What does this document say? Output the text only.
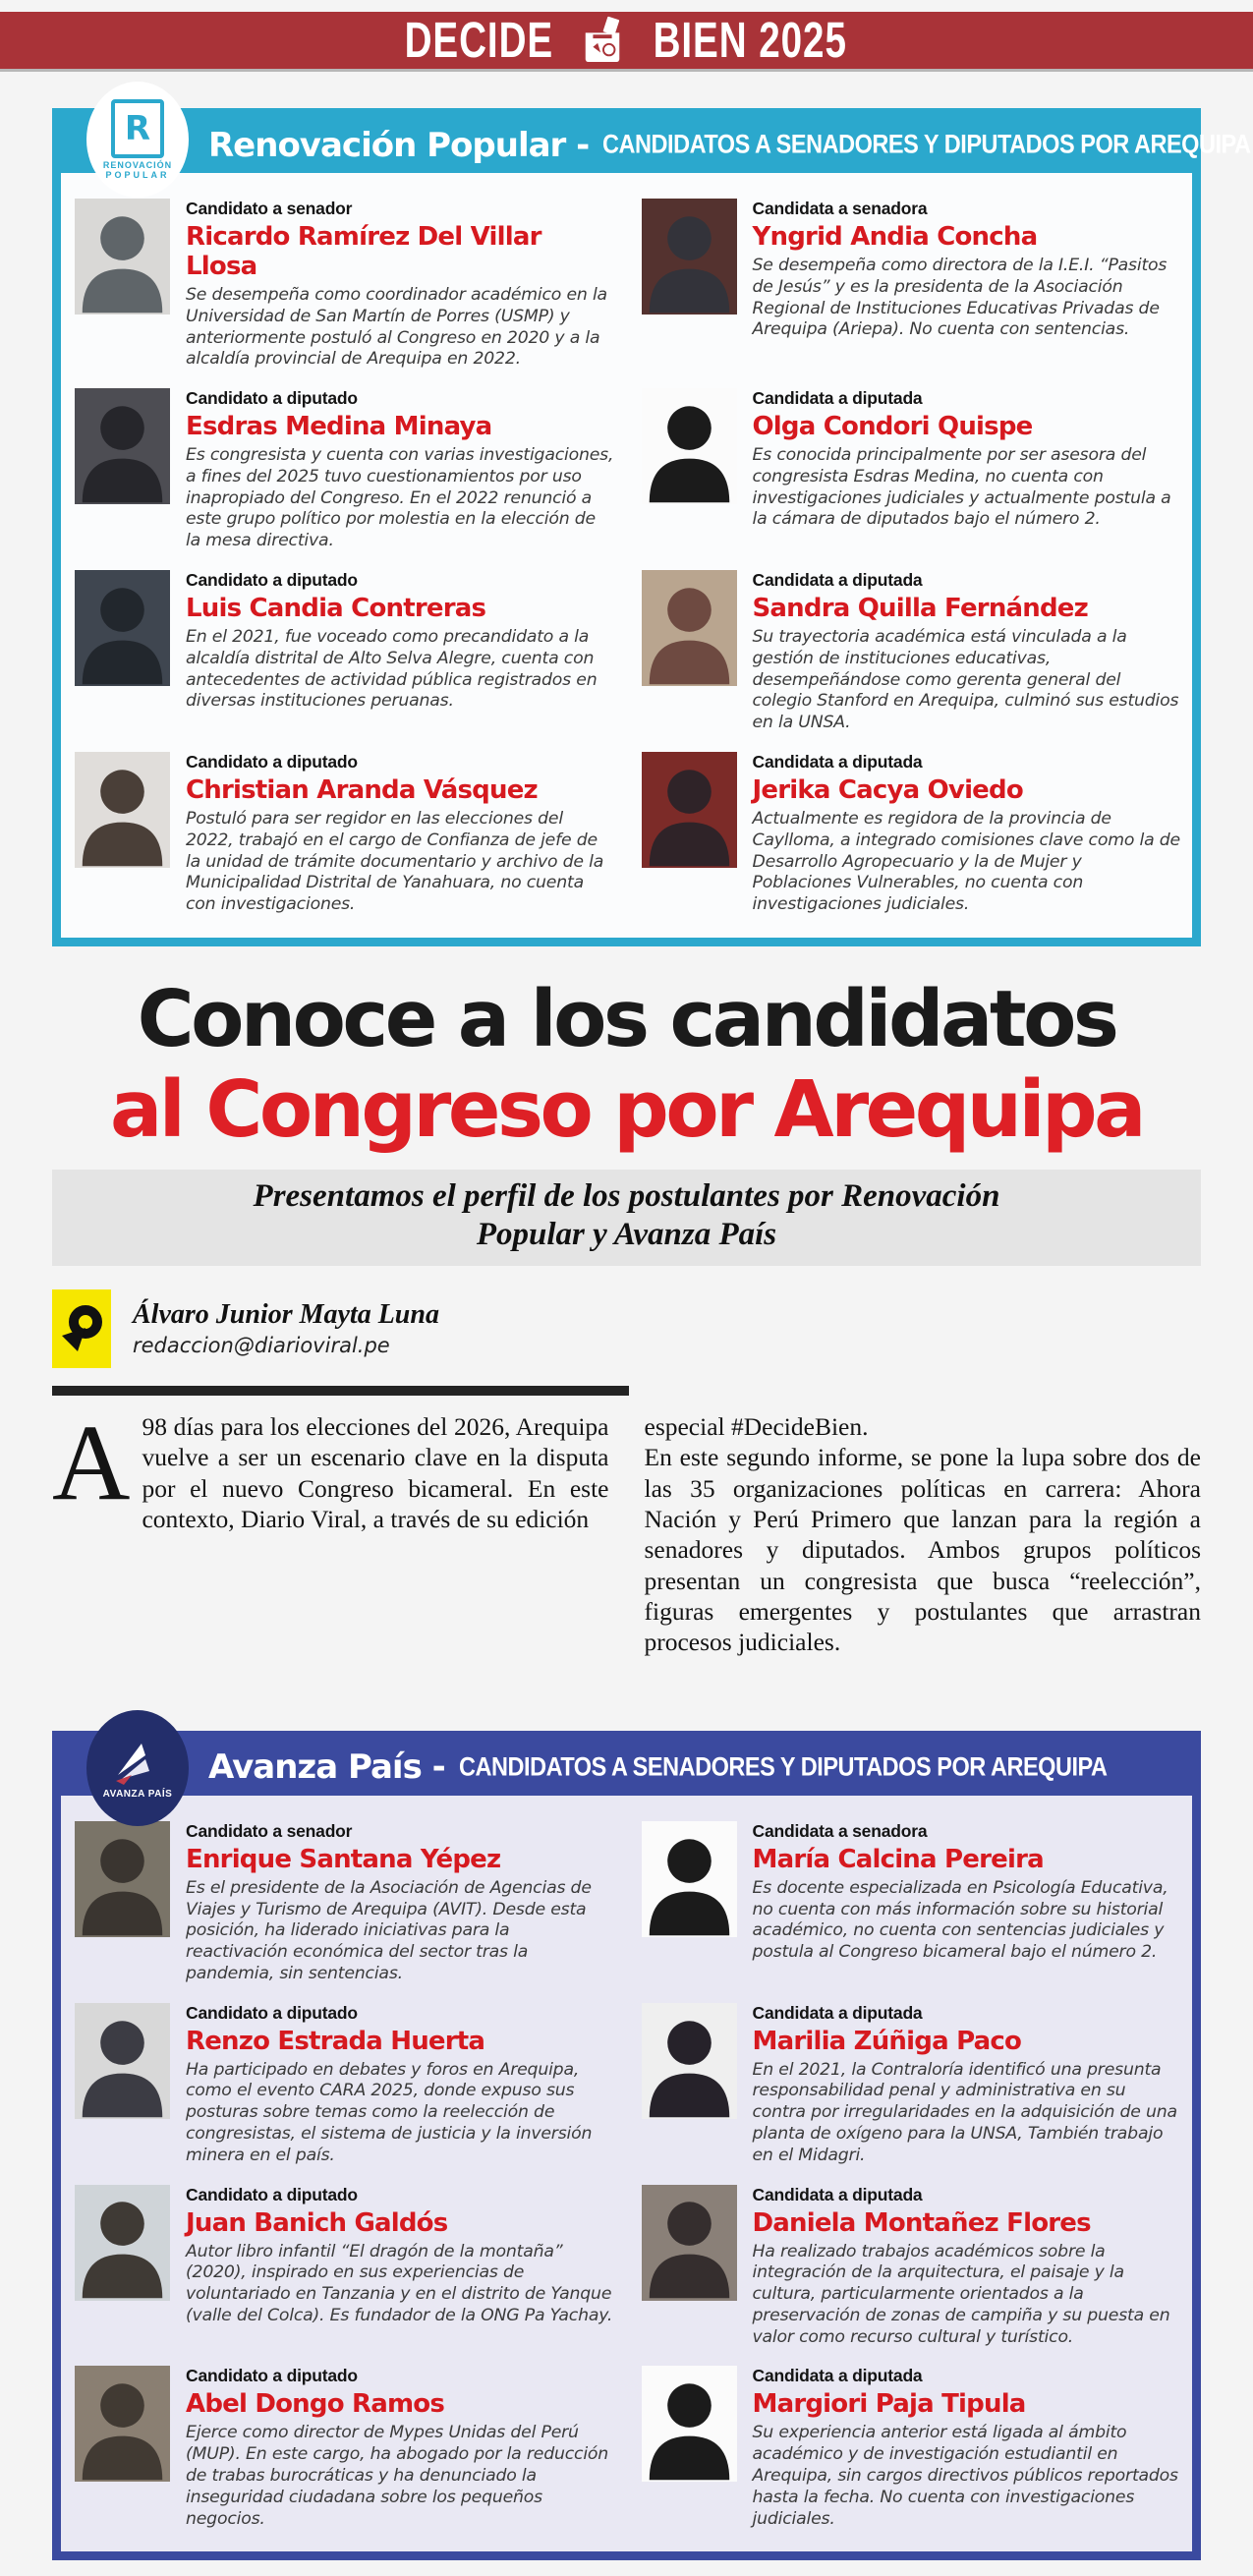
DECIDE BIEN 2025
R
RENOVACIÓN
POPULAR
Renovación Popular - CANDIDATOS A SENADORES Y DIPUTADOS POR AREQUIPA
Candidato a senador
Ricardo Ramírez Del Villar Llosa
Se desempeña como coordinador académico en la Universidad de San Martín de Porres (USMP) y anteriormente postuló al Congreso en 2020 y a la alcaldía provincial de Arequipa en 2022.
Candidata a senadora
Yngrid Andia Concha
Se desempeña como directora de la I.E.I. “Pasitos de Jesús” y es la presidenta de la Asociación Regional de Instituciones Educativas Privadas de Arequipa (Ariepa). No cuenta con sentencias.
Candidato a diputado
Esdras Medina Minaya
Es congresista y cuenta con varias investigaciones, a fines del 2025 tuvo cuestionamientos por uso inapropiado del Congreso. En el 2022 renunció a este grupo político por molestia en la elección de la mesa directiva.
Candidata a diputada
Olga Condori Quispe
Es conocida principalmente por ser asesora del congresista Esdras Medina, no cuenta con investigaciones judiciales y actualmente postula a la cámara de diputados bajo el número 2.
Candidato a diputado
Luis Candia Contreras
En el 2021, fue voceado como precandidato a la alcaldía distrital de Alto Selva Alegre, cuenta con antecedentes de actividad pública registrados en diversas instituciones peruanas.
Candidata a diputada
Sandra Quilla Fernández
Su trayectoria académica está vinculada a la gestión de instituciones educativas, desempeñándose como gerenta general del colegio Stanford en Arequipa, culminó sus estudios en la UNSA.
Candidato a diputado
Christian Aranda Vásquez
Postuló para ser regidor en las elecciones del 2022, trabajó en el cargo de Confianza de jefe de la unidad de trámite documentario y archivo de la Municipalidad Distrital de Yanahuara, no cuenta con investigaciones.
Candidata a diputada
Jerika Cacya Oviedo
Actualmente es regidora de la provincia de Caylloma, a integrado comisiones clave como la de Desarrollo Agropecuario y la de Mujer y Poblaciones Vulnerables, no cuenta con investigaciones judiciales.
Conoce a los candidatos
al Congreso por Arequipa
Presentamos el perfil de los postulantes por Renovación
Popular y Avanza País
Álvaro Junior Mayta Luna
redaccion@diarioviral.pe
A 98 días para los elecciones del 2026, Arequipa vuelve a ser un escenario clave en la disputa por el nuevo Congreso bicameral. En este contexto, Diario Viral, a través de su edición
especial #DecideBien.
En este segundo informe, se pone la lupa sobre dos de las 35 organizaciones políticas en carrera: Ahora Nación y Perú Primero que lanzan para la región a senadores y diputados. Ambos grupos políticos presentan un congresista que busca “reelección”, figuras emergentes y postulantes que arrastran procesos judiciales.
AVANZA PAÍS
Avanza País - CANDIDATOS A SENADORES Y DIPUTADOS POR AREQUIPA
Candidato a senador
Enrique Santana Yépez
Es el presidente de la Asociación de Agencias de Viajes y Turismo de Arequipa (AVIT). Desde esta posición, ha liderado iniciativas para la reactivación económica del sector tras la pandemia, sin sentencias.
Candidata a senadora
María Calcina Pereira
Es docente especializada en Psicología Educativa, no cuenta con más información sobre su historial académico, no cuenta con sentencias judiciales y postula al Congreso bicameral bajo el número 2.
Candidato a diputado
Renzo Estrada Huerta
Ha participado en debates y foros en Arequipa, como el evento CARA 2025, donde expuso sus posturas sobre temas como la reelección de congresistas, el sistema de justicia y la inversión minera en el país.
Candidata a diputada
Marilia Zúñiga Paco
En el 2021, la Contraloría identificó una presunta responsabilidad penal y administrativa en su contra por irregularidades en la adquisición de una planta de oxígeno para la UNSA, También trabajo en el Midagri.
Candidato a diputado
Juan Banich Galdós
Autor libro infantil “El dragón de la montaña” (2020), inspirado en sus experiencias de voluntariado en Tanzania y en el distrito de Yanque (valle del Colca). Es fundador de la ONG Pa Yachay.
Candidata a diputada
Daniela Montañez Flores
Ha realizado trabajos académicos sobre la integración de la arquitectura, el paisaje y la cultura, particularmente orientados a la preservación de zonas de campiña y su puesta en valor como recurso cultural y turístico.
Candidato a diputado
Abel Dongo Ramos
Ejerce como director de Mypes Unidas del Perú (MUP). En este cargo, ha abogado por la reducción de trabas burocráticas y ha denunciado la inseguridad ciudadana sobre los pequeños negocios.
Candidata a diputada
Margiori Paja Tipula
Su experiencia anterior está ligada al ámbito académico y de investigación estudiantil en Arequipa, sin cargos directivos públicos reportados hasta la fecha. No cuenta con investigaciones judiciales.
